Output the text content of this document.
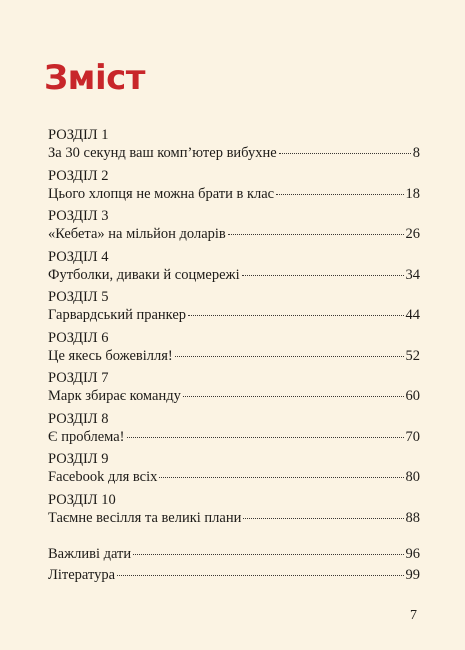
Зміст
РОЗДІЛ 1
За 30 секунд ваш комп’ютер вибухне	8
РОЗДІЛ 2
Цього хлопця не можна брати в клас	18
РОЗДІЛ 3
«Кебета» на мільйон доларів	26
РОЗДІЛ 4
Футболки, диваки й соцмережі	34
РОЗДІЛ 5
Гарвардський пранкер	44
РОЗДІЛ 6
Це якесь божевілля!	52
РОЗДІЛ 7
Марк збирає команду	60
РОЗДІЛ 8
Є проблема!	70
РОЗДІЛ 9
Facebook для всіх	80
РОЗДІЛ 10
Таємне весілля та великі плани	88
Важливі дати	96
Література	99
7
